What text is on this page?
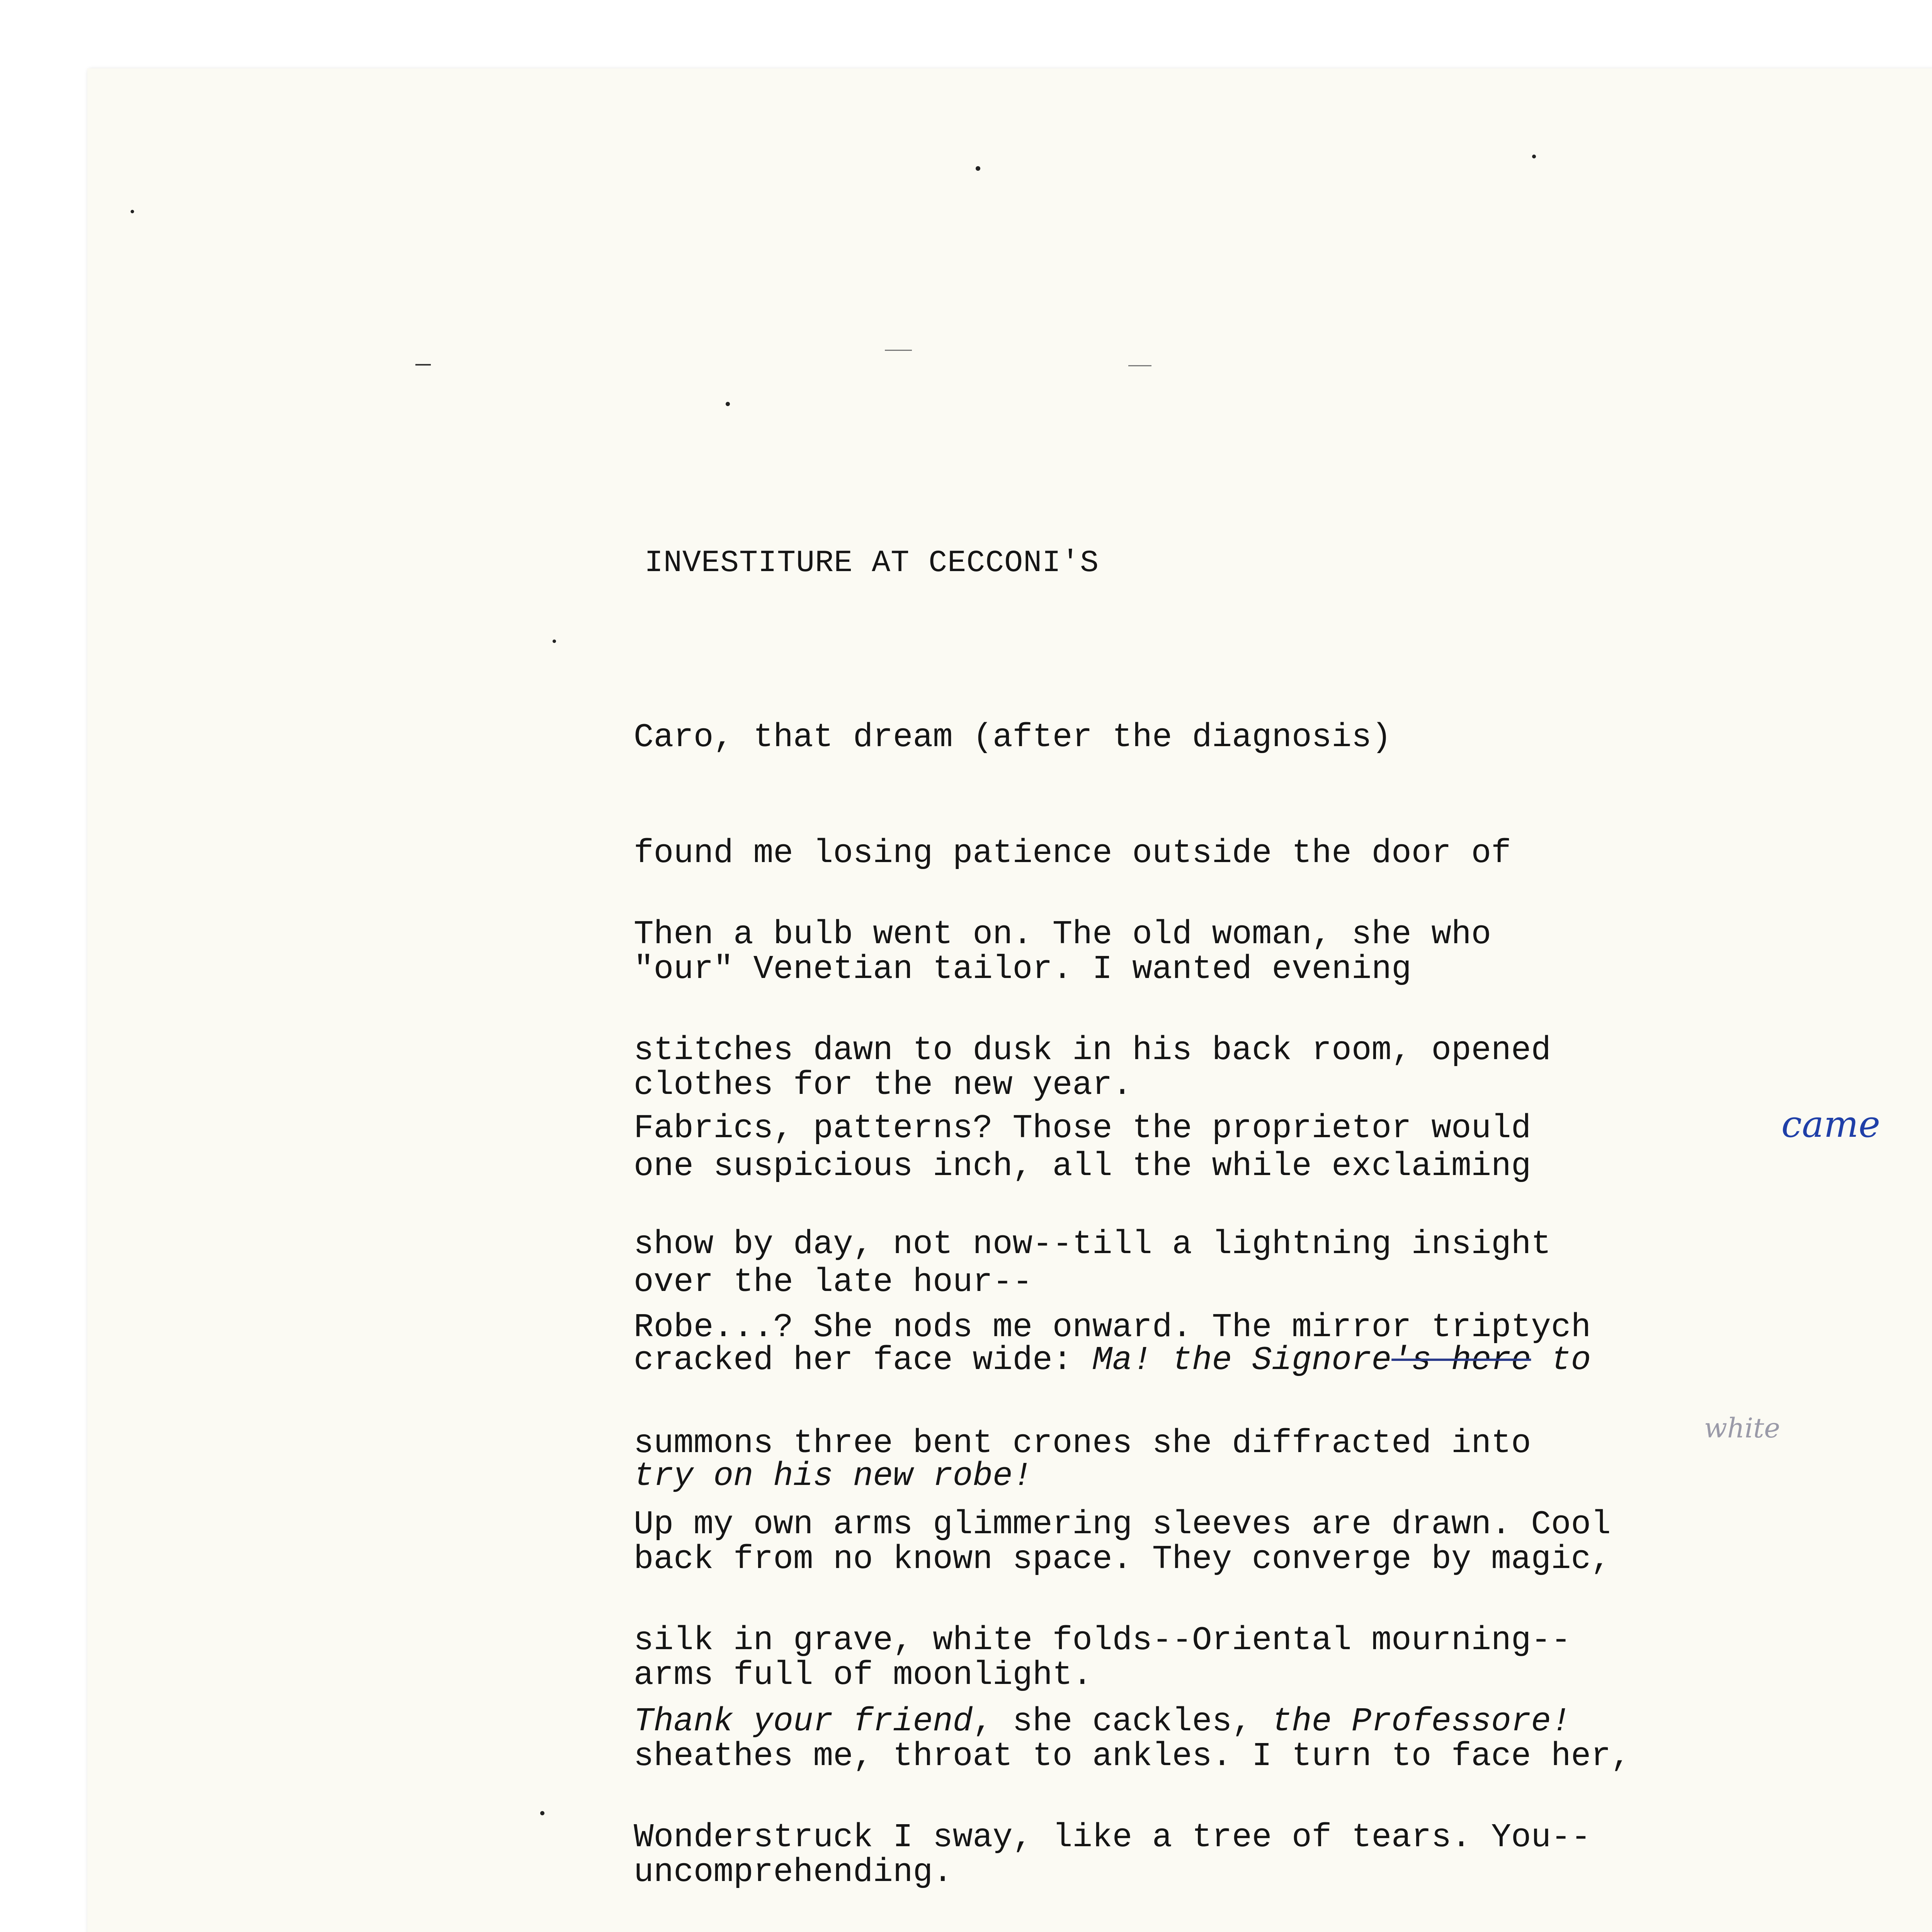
INVESTITURE AT CECCONI'S

Caro, that dream (after the diagnosis)

found me losing patience outside the door of

"our" Venetian tailor. I wanted evening

clothes for the new year.

Then a bulb went on. The old woman, she who

stitches dawn to dusk in his back room, opened

one suspicious inch, all the while exclaiming

over the late hour--

Fabrics, patterns? Those the proprietor would

show by day, not now--till a lightning insight

cracked her face wide: Ma! the Signore's here to

try on his new robe!

Robe...? She nods me onward. The mirror triptych

summons three bent crones she diffracted into

back from no known space. They converge by magic,

arms full of moonlight.

Up my own arms glimmering sleeves are drawn. Cool

silk in grave, white folds--Oriental mourning--

sheathes me, throat to ankles. I turn to face her,

uncomprehending.

Thank your friend, she cackles, the Professore!

Wonderstruck I sway, like a tree of tears. You--

came
white
